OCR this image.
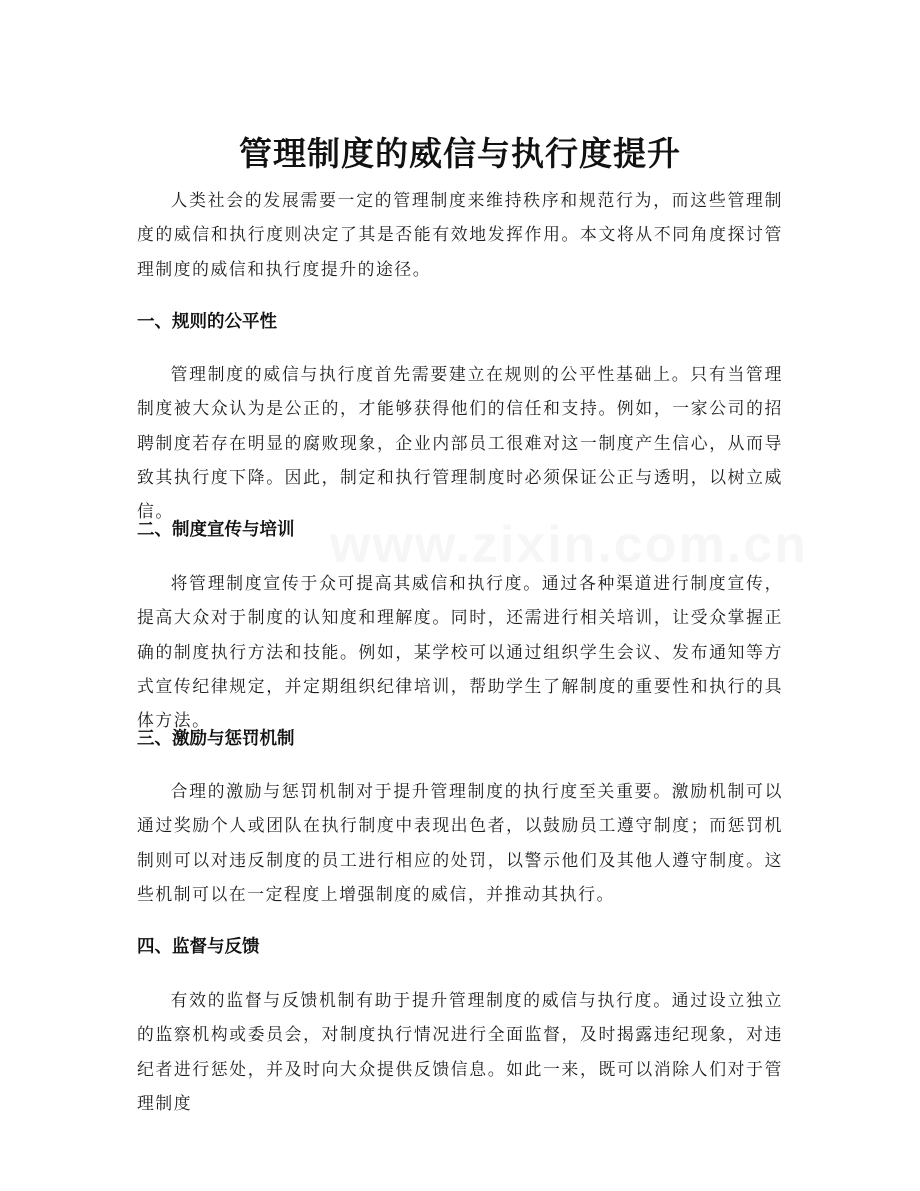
www.zixin.com.cn
管理制度的威信与执行度提升

人类社会的发展需要一定的管理制度来维持秩序和规范行为，而这些管理制度的威信和执行度则决定了其是否能有效地发挥作用。本文将从不同角度探讨管理制度的威信和执行度提升的途径。

一、规则的公平性

管理制度的威信与执行度首先需要建立在规则的公平性基础上。只有当管理制度被大众认为是公正的，才能够获得他们的信任和支持。例如，一家公司的招聘制度若存在明显的腐败现象，企业内部员工很难对这一制度产生信心，从而导致其执行度下降。因此，制定和执行管理制度时必须保证公正与透明，以树立威信。

二、制度宣传与培训

将管理制度宣传于众可提高其威信和执行度。通过各种渠道进行制度宣传，提高大众对于制度的认知度和理解度。同时，还需进行相关培训，让受众掌握正确的制度执行方法和技能。例如，某学校可以通过组织学生会议、发布通知等方式宣传纪律规定，并定期组织纪律培训，帮助学生了解制度的重要性和执行的具体方法。

三、激励与惩罚机制

合理的激励与惩罚机制对于提升管理制度的执行度至关重要。激励机制可以通过奖励个人或团队在执行制度中表现出色者，以鼓励员工遵守制度；而惩罚机制则可以对违反制度的员工进行相应的处罚，以警示他们及其他人遵守制度。这些机制可以在一定程度上增强制度的威信，并推动其执行。

四、监督与反馈

有效的监督与反馈机制有助于提升管理制度的威信与执行度。通过设立独立的监察机构或委员会，对制度执行情况进行全面监督，及时揭露违纪现象，对违纪者进行惩处，并及时向大众提供反馈信息。如此一来，既可以消除人们对于管理制度
